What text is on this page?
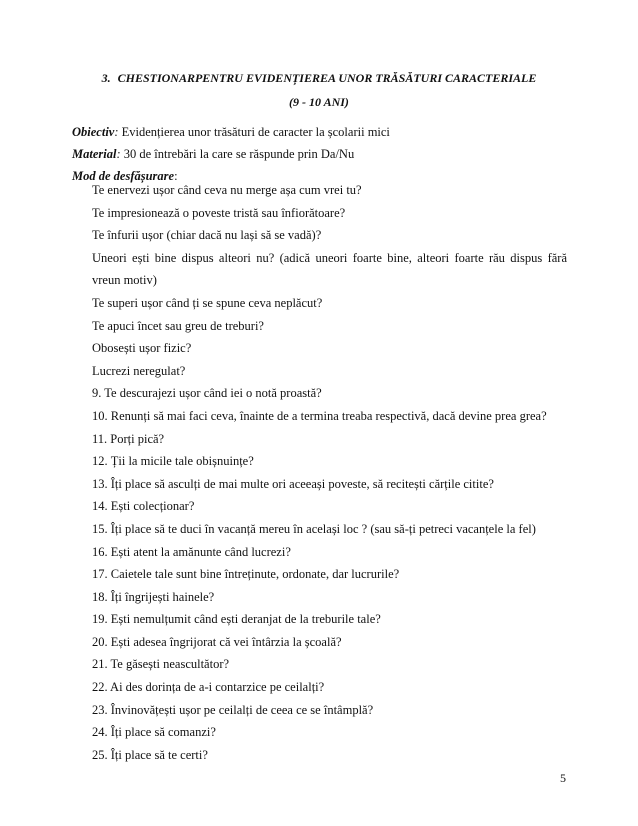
3. CHESTIONARPENTRU EVIDENȚIEREA UNOR TRĂSĂTURI CARACTERIALE
(9 - 10 ANI)
Obiectiv: Evidențierea unor trăsături de caracter la școlarii mici
Material: 30 de întrebări la care se răspunde prin Da/Nu
Mod de desfășurare:
Te enervezi ușor când ceva nu merge așa cum vrei tu?
Te impresionează o poveste tristă sau înfiorătoare?
Te înfurii ușor (chiar dacă nu lași să se vadă)?
Uneori ești bine dispus alteori nu? (adică uneori foarte bine, alteori foarte rău dispus fără
vreun motiv)
Te superi ușor când ți se spune ceva neplăcut?
Te apuci încet sau greu de treburi?
Obosești ușor fizic?
Lucrezi neregulat?
9. Te descurajezi ușor când iei o notă proastă?
10. Renunți să mai faci ceva, înainte de a termina treaba respectivă, dacă devine prea grea?
11. Porți pică?
12. Ții la micile tale obișnuințe?
13. Îți place să asculți de mai multe ori aceeași poveste, să recitești cărțile citite?
14. Ești colecționar?
15. Îți place să te duci în vacanță mereu în același loc ? (sau să-ți petreci vacanțele la fel)
16. Ești atent la amănunte când lucrezi?
17. Caietele tale sunt bine întreținute, ordonate, dar lucrurile?
18. Îți îngrijești hainele?
19. Ești nemulțumit când ești deranjat de la treburile tale?
20. Ești adesea îngrijorat că vei întârzia la școală?
21. Te găsești neascultător?
22. Ai des dorința de a-i contarzice pe ceilalți?
23. Învinovățești ușor pe ceilalți de ceea ce se întâmplă?
24. Îți place să comanzi?
25. Îți place să te certi?
5
